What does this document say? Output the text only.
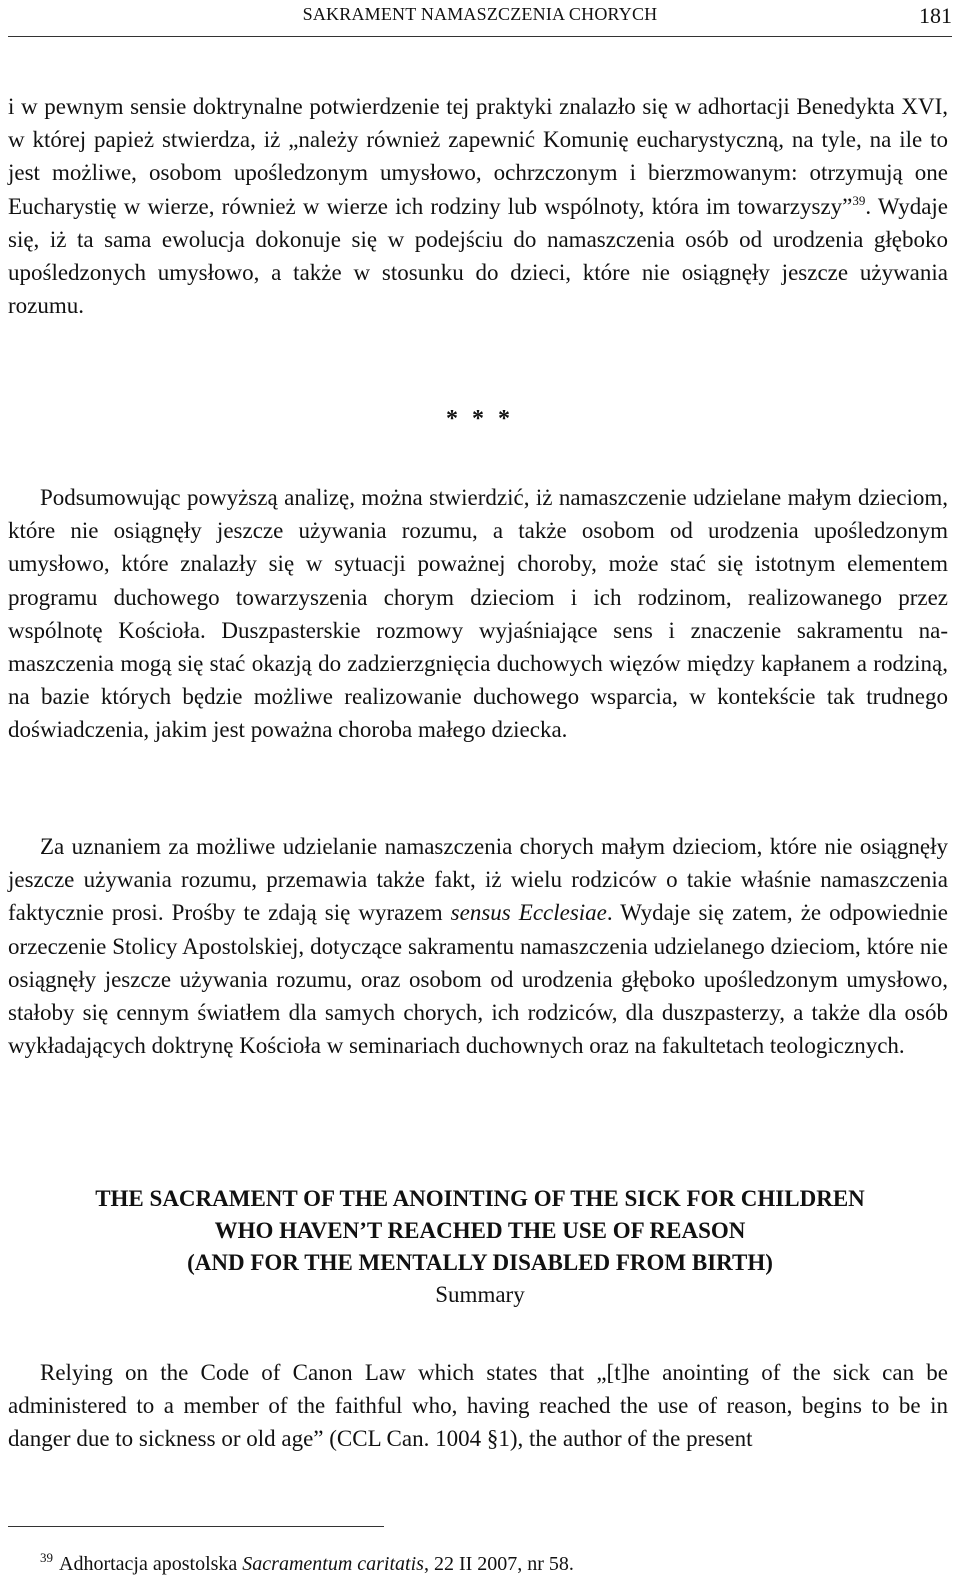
SAKRAMENT NAMASZCZENIA CHORYCH	181

i w pewnym sensie doktrynalne potwierdzenie tej praktyki znalazło się w adhortacji Benedykta XVI, w której papież stwierdza, iż „należy również zapewnić Komunię eucharystyczną, na tyle, na ile to jest możliwe, osobom upośledzonym umysłowo, ochrzczonym i bierzmowanym: otrzymują one Eucharystię w wierze, również w wierze ich rodziny lub wspólnoty, która im towarzyszy”$^{39}$. Wydaje się, iż ta sama ewolucja dokonuje się w podejściu do namaszczenia osób od urodzenia głęboko upośledzonych umysłowo, a także w stosunku do dzieci, które nie osiągnęły jeszcze używania rozumu.

* * *

Podsumowując powyższą analizę, można stwierdzić, iż namaszczenie udzielane małym dzieciom, które nie osiągnęły jeszcze używania rozumu, a także osobom od urodzenia upośledzonym umysłowo, które znalazły się w sytuacji poważnej choroby, może stać się istotnym elementem programu duchowego towarzyszenia chorym dzieciom i ich rodzinom, realizowanego przez wspólnotę Kościoła. Duszpasterskie rozmowy wyjaśniające sens i znaczenie sakramentu namaszczenia mogą się stać okazją do zadzierzgnięcia duchowych więzów między kapłanem a rodziną, na bazie których będzie możliwe realizowanie duchowego wsparcia, w kontekście tak trudnego doświadczenia, jakim jest poważna choroba małego dziecka.

Za uznaniem za możliwe udzielanie namaszczenia chorych małym dzieciom, które nie osiągnęły jeszcze używania rozumu, przemawia także fakt, iż wielu rodziców o takie właśnie namaszczenia faktycznie prosi. Prośby te zdają się wyrazem sensus Ecclesiae. Wydaje się zatem, że odpowiednie orzeczenie Stolicy Apostolskiej, dotyczące sakramentu namaszczenia udzielanego dzieciom, które nie osiągnęły jeszcze używania rozumu, oraz osobom od urodzenia głęboko upośledzonym umysłowo, stałoby się cennym światłem dla samych chorych, ich rodziców, dla duszpasterzy, a także dla osób wykładających doktrynę Kościoła w seminariach duchownych oraz na fakultetach teologicznych.

THE SACRAMENT OF THE ANOINTING OF THE SICK FOR CHILDREN
WHO HAVEN’T REACHED THE USE OF REASON
(AND FOR THE MENTALLY DISABLED FROM BIRTH)
Summary

Relying on the Code of Canon Law which states that „[t]he anointing of the sick can be administered to a member of the faithful who, having reached the use of reason, begins to be in danger due to sickness or old age” (CCL Can. 1004 §1), the author of the present

$^{39}$ Adhortacja apostolska Sacramentum caritatis, 22 II 2007, nr 58.
